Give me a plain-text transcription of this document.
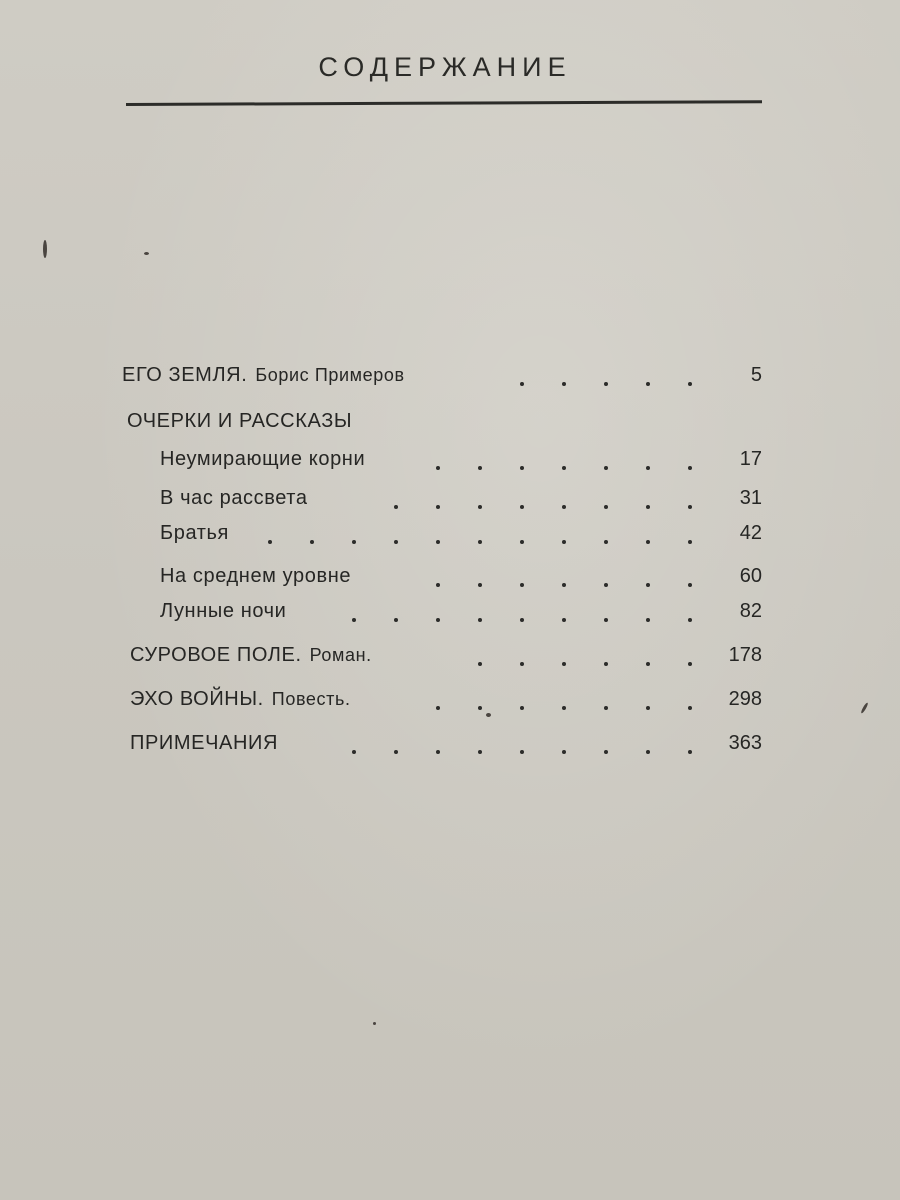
СОДЕРЖАНИЕ
ЕГО ЗЕМЛЯ. Борис Примеров	5
ОЧЕРКИ И РАССКАЗЫ
Неумирающие корни	17
В час рассвета	31
Братья	42
На среднем уровне	60
Лунные ночи	82
СУРОВОЕ ПОЛЕ. Роман.	178
ЭХО ВОЙНЫ. Повесть.	298
ПРИМЕЧАНИЯ	363
